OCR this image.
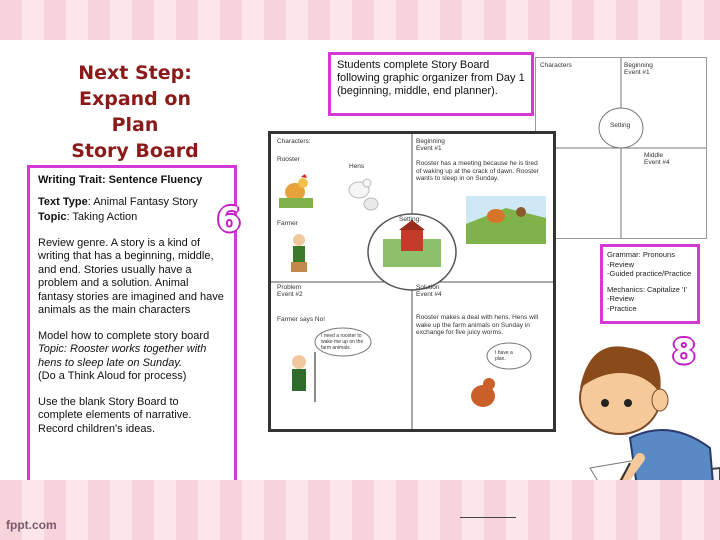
Next Step:
Expand on Plan
Story Board

Writing Trait: Sentence Fluency

Text Type: Animal Fantasy Story

Topic: Taking Action

Review genre. A story is a kind of writing that has a beginning, middle, and end. Stories usually have a problem and a solution. Animal fantasy stories are imagined and have animals as the main characters

Model how to complete story board
Topic: Rooster works together with hens to sleep late on Sunday.
(Do a Think Aloud for process)

Use the blank Story Board to complete elements of narrative. Record children's ideas.

6
8
Characters	Beginning
Event #1
Setting
Middle
Event #4
Students complete Story Board following graphic organizer from Day 1 (beginning, middle, end planner).
Characters:
Rooster
Hens
Farmer
Beginning
Event #1
Rooster has a meeting because he is tired of waking up at the crack of dawn. Rooster wants to sleep in on Sunday.
Setting:
Problem
Event #2
Farmer says No!
I need a rooster to wake me up on the farm animals.
Solution
Event #4
Rooster makes a deal with hens. Hens will wake up the farm animals on Sunday in exchange for five juicy worms.
I have a plan.
Grammar: Pronouns
-Review
-Guided practice/Practice
Mechanics: Capitalize 'I'
-Review
-Practice
fppt.com
